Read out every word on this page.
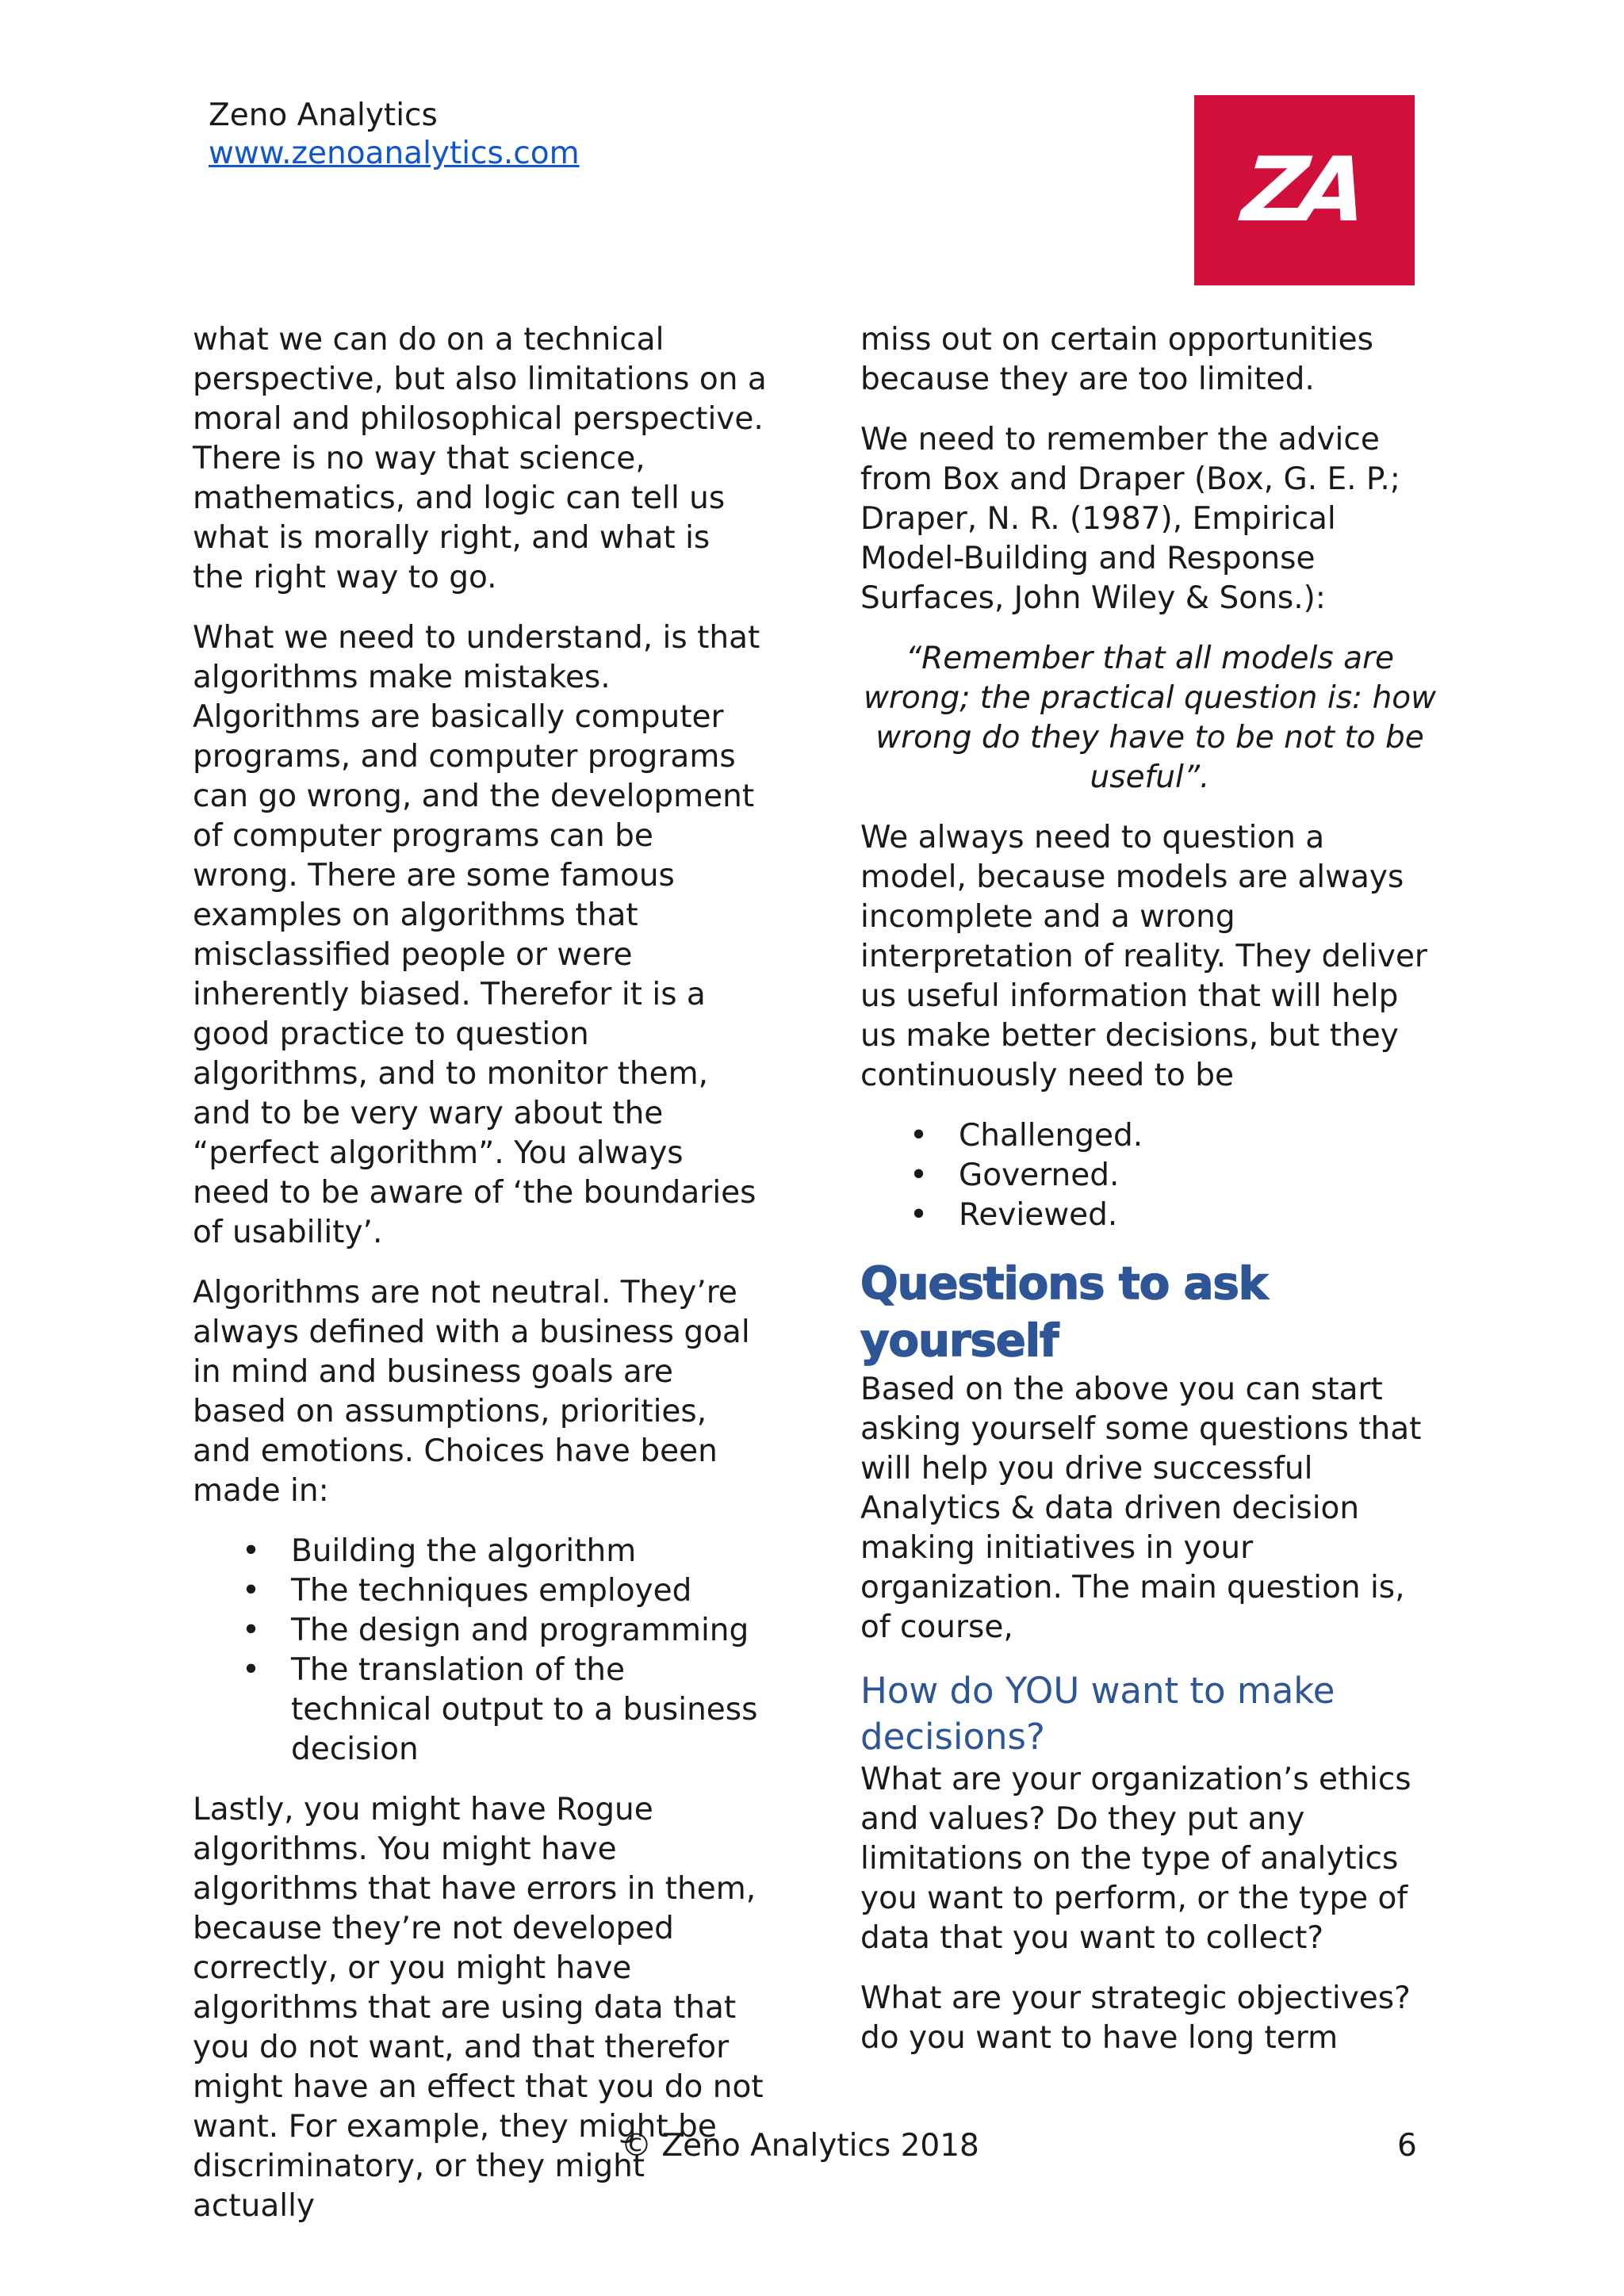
Zeno Analytics
www.zenoanalytics.com	ZA

what we can do on a technical perspective, but also limitations on a moral and philosophical perspective. There is no way that science, mathematics, and logic can tell us what is morally right, and what is the right way to go.

What we need to understand, is that algorithms make mistakes. Algorithms are basically computer programs, and computer programs can go wrong, and the development of computer programs can be wrong. There are some famous examples on algorithms that misclassified people or were inherently biased. Therefor it is a good practice to question algorithms, and to monitor them, and to be very wary about the “perfect algorithm”. You always need to be aware of ‘the boundaries of usability’.

Algorithms are not neutral. They’re always defined with a business goal in mind and business goals are based on assumptions, priorities, and emotions. Choices have been made in:

• Building the algorithm
• The techniques employed
• The design and programming
• The translation of the technical output to a business decision

Lastly, you might have Rogue algorithms. You might have algorithms that have errors in them, because they’re not developed correctly, or you might have algorithms that are using data that you do not want, and that therefor might have an effect that you do not want. For example, they might be discriminatory, or they might actually

miss out on certain opportunities because they are too limited.

We need to remember the advice from Box and Draper (Box, G. E. P.; Draper, N. R. (1987), Empirical Model-Building and Response Surfaces, John Wiley & Sons.):

“Remember that all models are wrong; the practical question is: how wrong do they have to be not to be useful”.

We always need to question a model, because models are always incomplete and a wrong interpretation of reality. They deliver us useful information that will help us make better decisions, but they continuously need to be

• Challenged.
• Governed.
• Reviewed.
Questions to ask yourself

Based on the above you can start asking yourself some questions that will help you drive successful Analytics & data driven decision making initiatives in your organization. The main question is, of course,

How do YOU want to make decisions?

What are your organization’s ethics and values? Do they put any limitations on the type of analytics you want to perform, or the type of data that you want to collect?

What are your strategic objectives? do you want to have long term

© Zeno Analytics 2018	6
